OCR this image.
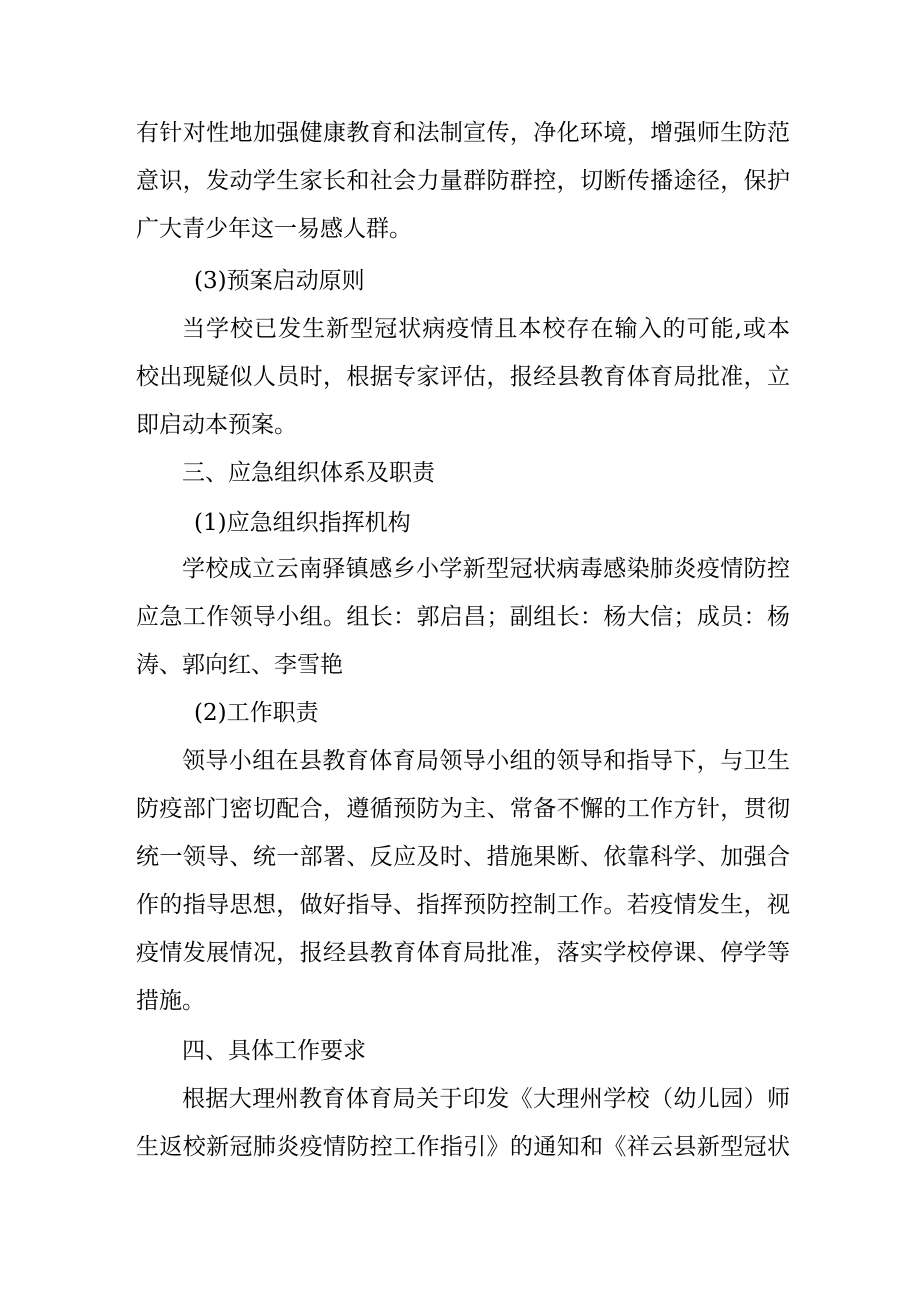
有针对性地加强健康教育和法制宣传，净化环境，增强师生防范
意识，发动学生家长和社会力量群防群控，切断传播途径，保护
广大青少年这一易感人群。
(3)预案启动原则
当学校已发生新型冠状病疫情且本校存在输入的可能,或本
校出现疑似人员时，根据专家评估，报经县教育体育局批准，立
即启动本预案。
三、应急组织体系及职责
(1)应急组织指挥机构
学校成立云南驿镇感乡小学新型冠状病毒感染肺炎疫情防控
应急工作领导小组。组长：郭启昌；副组长：杨大信；成员：杨
涛、郭向红、李雪艳
(2)工作职责
领导小组在县教育体育局领导小组的领导和指导下，与卫生
防疫部门密切配合，遵循预防为主、常备不懈的工作方针，贯彻
统一领导、统一部署、反应及时、措施果断、依靠科学、加强合
作的指导思想，做好指导、指挥预防控制工作。若疫情发生，视
疫情发展情况，报经县教育体育局批准，落实学校停课、停学等
措施。
四、具体工作要求
根据大理州教育体育局关于印发《大理州学校（幼儿园）师
生返校新冠肺炎疫情防控工作指引》的通知和《祥云县新型冠状
